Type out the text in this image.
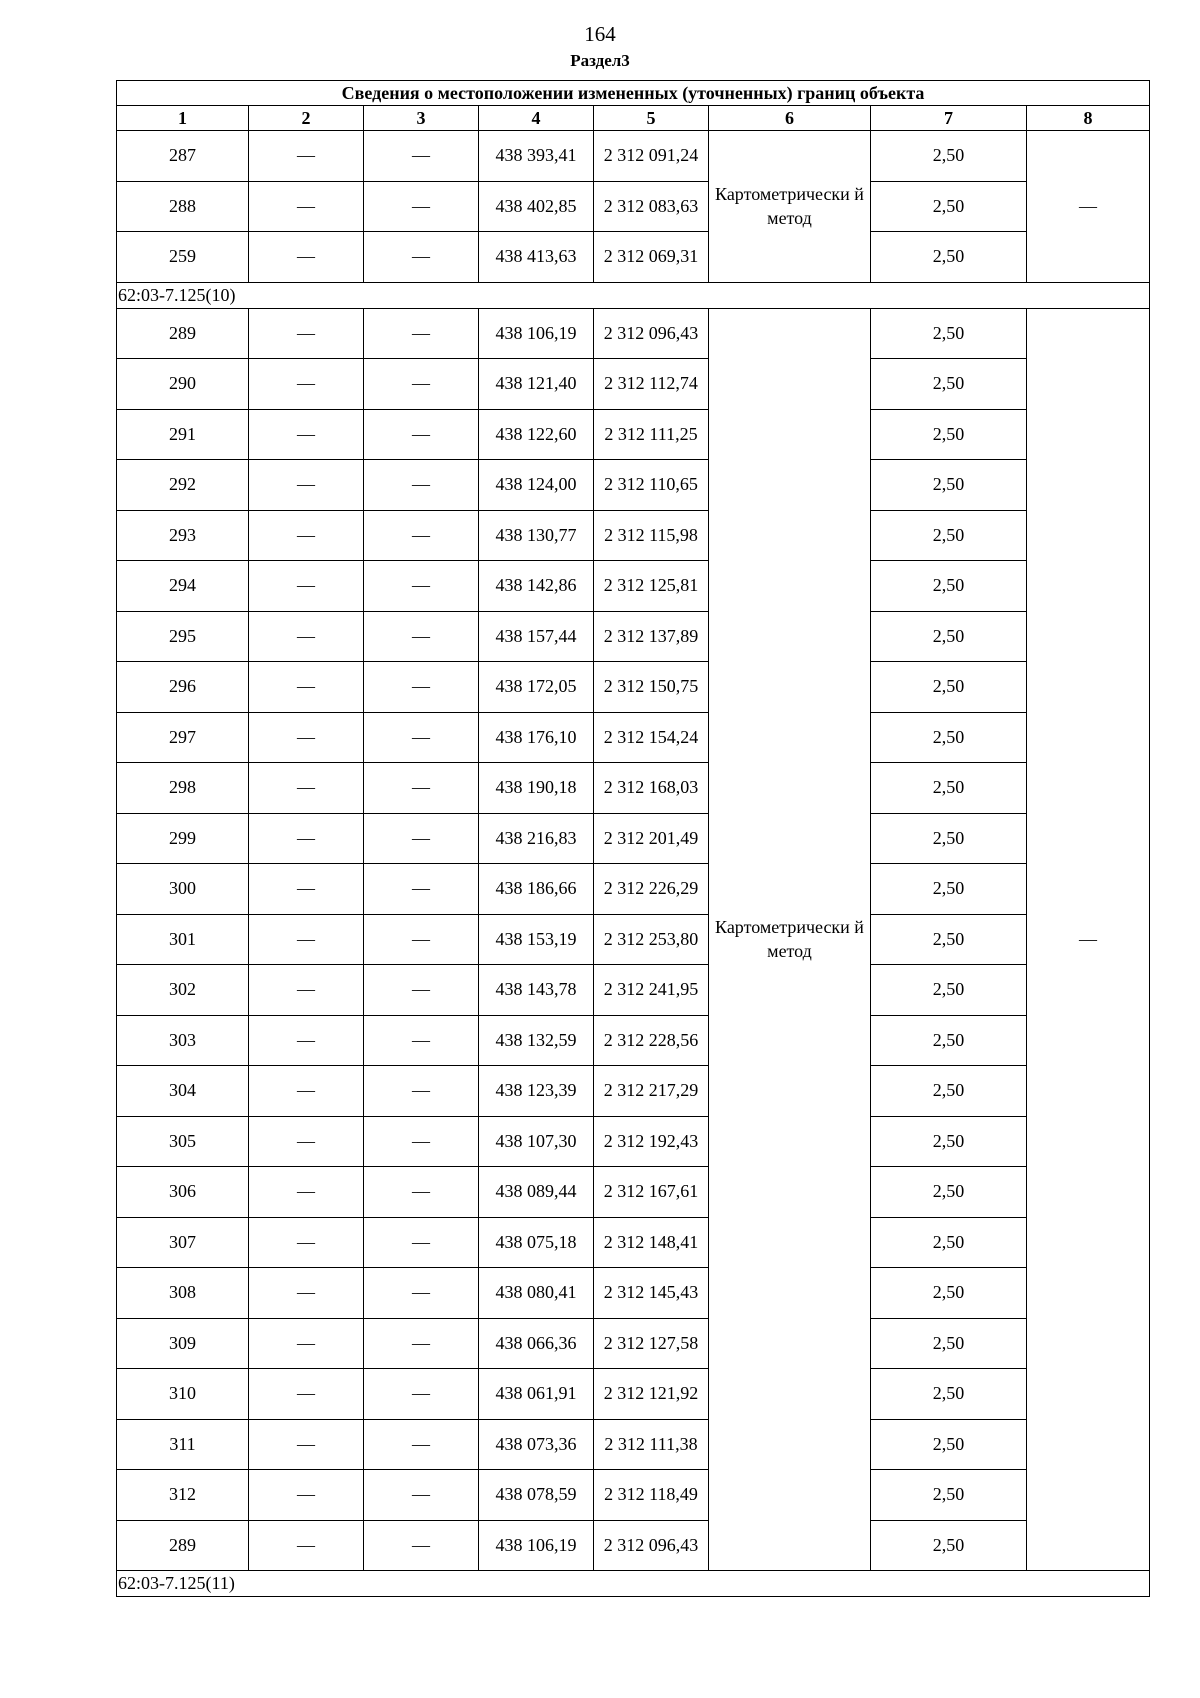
164
Раздел3
Сведения о местоположении измененных (уточненных) границ объекта							
1	2	3	4	5	6	7	8
287	—	—	438 393,41	2 312 091,24	Картометрически й метод	2,50	—
288	—	—	438 402,85	2 312 083,63		2,50	
259	—	—	438 413,63	2 312 069,31		2,50	
62:03-7.125(10)							
289	—	—	438 106,19	2 312 096,43	Картометрически й метод	2,50	—
290	—	—	438 121,40	2 312 112,74		2,50	
291	—	—	438 122,60	2 312 111,25		2,50	
292	—	—	438 124,00	2 312 110,65		2,50	
293	—	—	438 130,77	2 312 115,98		2,50	
294	—	—	438 142,86	2 312 125,81		2,50	
295	—	—	438 157,44	2 312 137,89		2,50	
296	—	—	438 172,05	2 312 150,75		2,50	
297	—	—	438 176,10	2 312 154,24		2,50	
298	—	—	438 190,18	2 312 168,03		2,50	
299	—	—	438 216,83	2 312 201,49		2,50	
300	—	—	438 186,66	2 312 226,29		2,50	
301	—	—	438 153,19	2 312 253,80		2,50	
302	—	—	438 143,78	2 312 241,95		2,50	
303	—	—	438 132,59	2 312 228,56		2,50	
304	—	—	438 123,39	2 312 217,29		2,50	
305	—	—	438 107,30	2 312 192,43		2,50	
306	—	—	438 089,44	2 312 167,61		2,50	
307	—	—	438 075,18	2 312 148,41		2,50	
308	—	—	438 080,41	2 312 145,43		2,50	
309	—	—	438 066,36	2 312 127,58		2,50	
310	—	—	438 061,91	2 312 121,92		2,50	
311	—	—	438 073,36	2 312 111,38		2,50	
312	—	—	438 078,59	2 312 118,49		2,50	
289	—	—	438 106,19	2 312 096,43		2,50	
62:03-7.125(11)							
